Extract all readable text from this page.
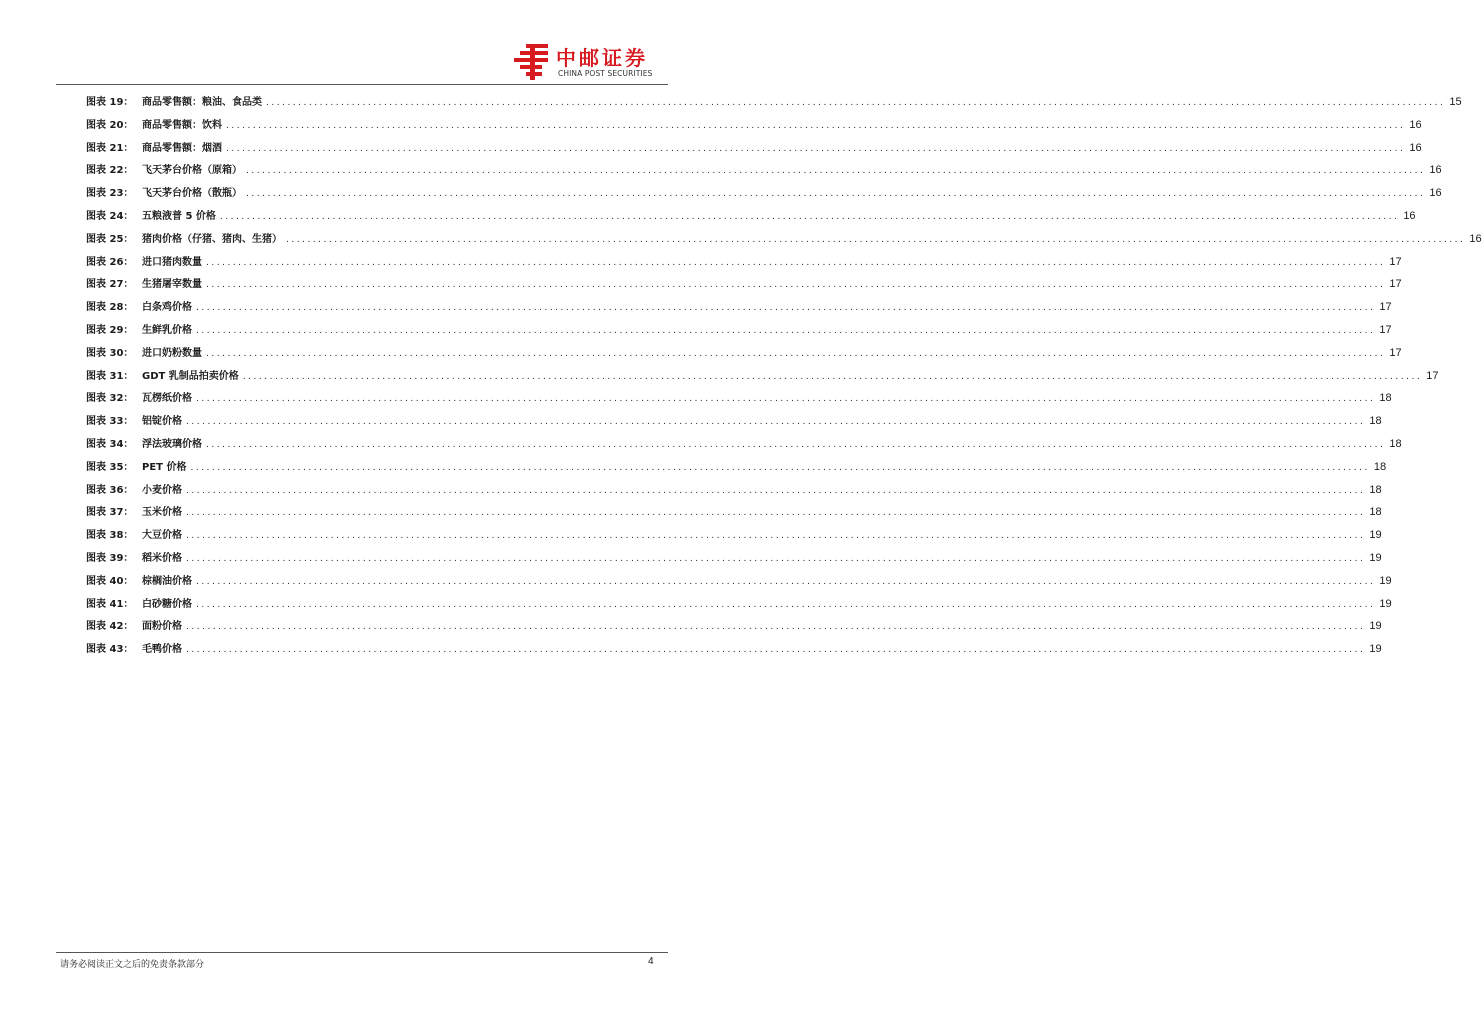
中邮证券
CHINA POST SECURITIES
图表 19： 商品零售额：粮油、食品类 ............................................................................................................................................................................................................................ 15
图表 20： 商品零售额：饮料 ............................................................................................................................................................................................................................ 16
图表 21： 商品零售额：烟酒 ............................................................................................................................................................................................................................ 16
图表 22： 飞天茅台价格（原箱） ............................................................................................................................................................................................................................ 16
图表 23： 飞天茅台价格（散瓶） ............................................................................................................................................................................................................................ 16
图表 24： 五粮液普 5 价格 ............................................................................................................................................................................................................................ 16
图表 25： 猪肉价格（仔猪、猪肉、生猪） ............................................................................................................................................................................................................................ 16
图表 26： 进口猪肉数量 ............................................................................................................................................................................................................................ 17
图表 27： 生猪屠宰数量 ............................................................................................................................................................................................................................ 17
图表 28： 白条鸡价格 ............................................................................................................................................................................................................................ 17
图表 29： 生鲜乳价格 ............................................................................................................................................................................................................................ 17
图表 30： 进口奶粉数量 ............................................................................................................................................................................................................................ 17
图表 31： GDT 乳制品拍卖价格 ............................................................................................................................................................................................................................ 17
图表 32： 瓦楞纸价格 ............................................................................................................................................................................................................................ 18
图表 33： 铝锭价格 ............................................................................................................................................................................................................................ 18
图表 34： 浮法玻璃价格 ............................................................................................................................................................................................................................ 18
图表 35： PET 价格 ............................................................................................................................................................................................................................ 18
图表 36： 小麦价格 ............................................................................................................................................................................................................................ 18
图表 37： 玉米价格 ............................................................................................................................................................................................................................ 18
图表 38： 大豆价格 ............................................................................................................................................................................................................................ 19
图表 39： 稻米价格 ............................................................................................................................................................................................................................ 19
图表 40： 棕榈油价格 ............................................................................................................................................................................................................................ 19
图表 41： 白砂糖价格 ............................................................................................................................................................................................................................ 19
图表 42： 面粉价格 ............................................................................................................................................................................................................................ 19
图表 43： 毛鸭价格 ............................................................................................................................................................................................................................ 19
请务必阅读正文之后的免责条款部分	4
